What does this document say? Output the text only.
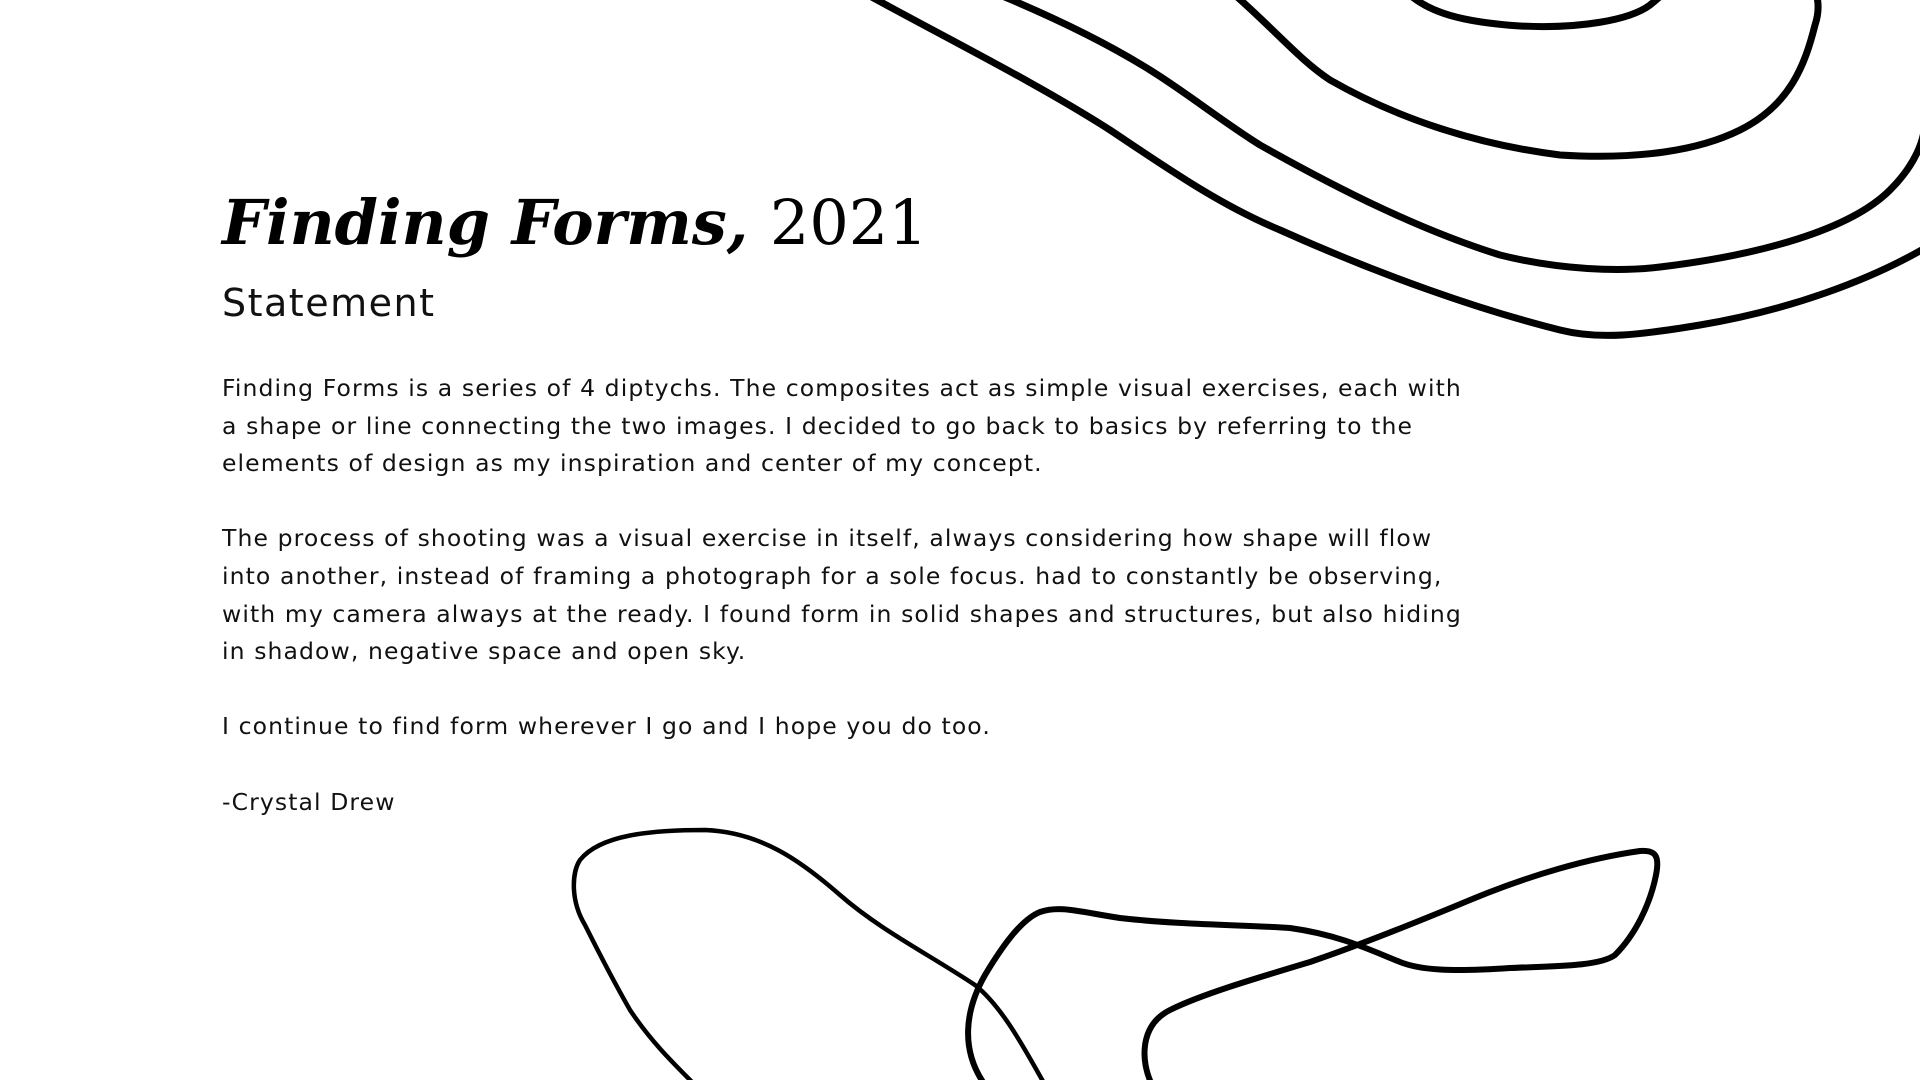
Finding Forms, 2021
Statement

Finding Forms is a series of 4 diptychs. The composites act as simple visual exercises, each with a shape or line connecting the two images. I decided to go back to basics by referring to the elements of design as my inspiration and center of my concept.

The process of shooting was a visual exercise in itself, always considering how shape will flow into another, instead of framing a photograph for a sole focus. had to constantly be observing, with my camera always at the ready. I found form in solid shapes and structures, but also hiding in shadow, negative space and open sky.

I continue to find form wherever I go and I hope you do too.

-Crystal Drew
